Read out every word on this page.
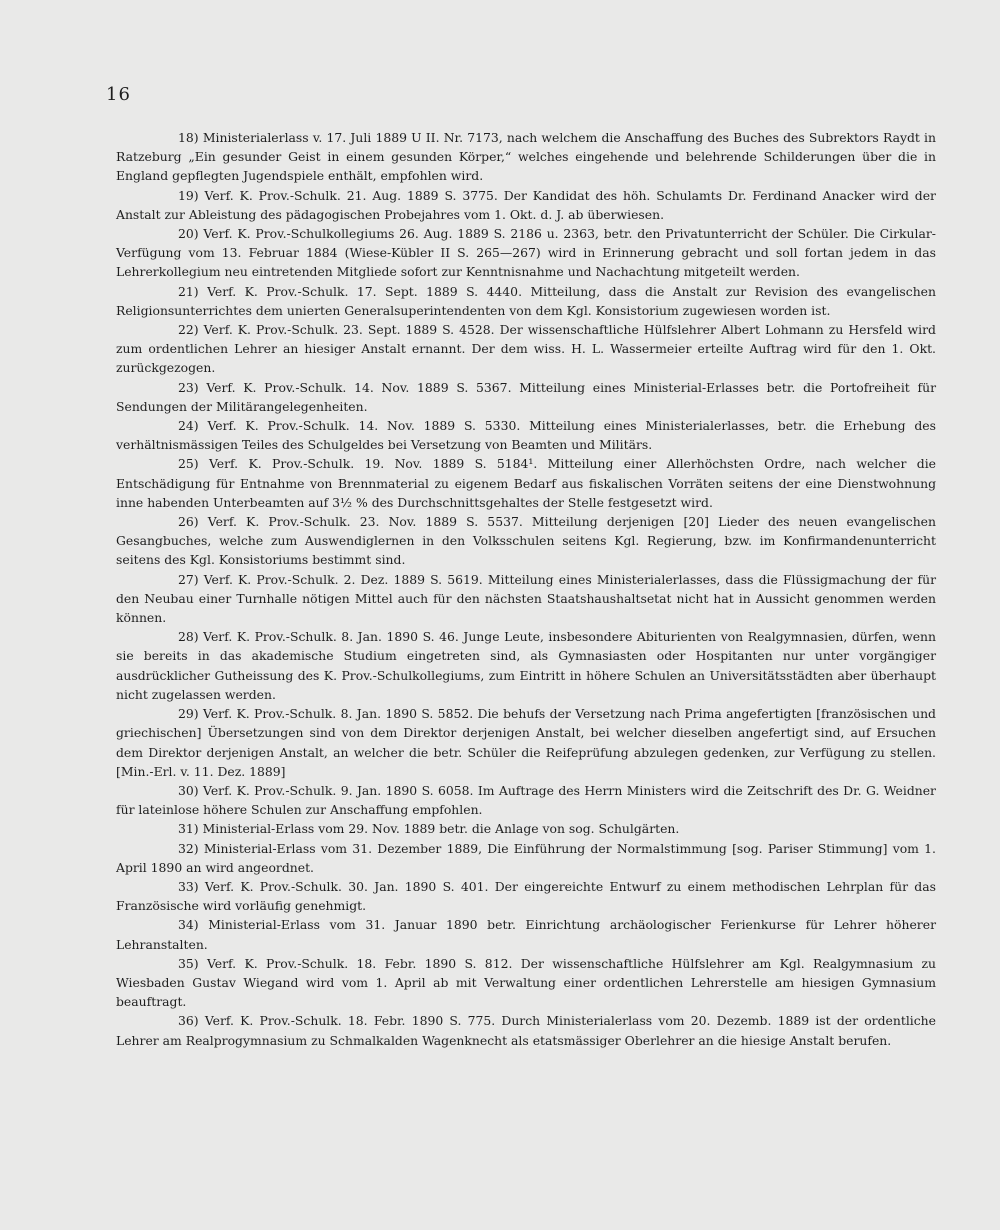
16

18) Ministerialerlass v. 17. Juli 1889 U II. Nr. 7173, nach welchem die Anschaffung des Buches des Subrektors Raydt in Ratzeburg „Ein gesunder Geist in einem gesunden Körper,“ welches eingehende und belehrende Schilderungen über die in England gepflegten Jugendspiele enthält, empfohlen wird.

19) Verf. K. Prov.-Schulk. 21. Aug. 1889 S. 3775. Der Kandidat des höh. Schulamts Dr. Ferdinand Anacker wird der Anstalt zur Ableistung des pädagogischen Probejahres vom 1. Okt. d. J. ab überwiesen.

20) Verf. K. Prov.-Schulkollegiums 26. Aug. 1889 S. 2186 u. 2363, betr. den Privatunterricht der Schüler. Die Cirkular-Verfügung vom 13. Februar 1884 (Wiese-Kübler II S. 265—267) wird in Erinnerung gebracht und soll fortan jedem in das Lehrerkollegium neu eintretenden Mitgliede sofort zur Kenntnisnahme und Nachachtung mitgeteilt werden.

21) Verf. K. Prov.-Schulk. 17. Sept. 1889 S. 4440. Mitteilung, dass die Anstalt zur Revision des evangelischen Religionsunterrichtes dem unierten Generalsuperintendenten von dem Kgl. Konsistorium zugewiesen worden ist.

22) Verf. K. Prov.-Schulk. 23. Sept. 1889 S. 4528. Der wissenschaftliche Hülfslehrer Albert Lohmann zu Hersfeld wird zum ordentlichen Lehrer an hiesiger Anstalt ernannt. Der dem wiss. H. L. Wassermeier erteilte Auftrag wird für den 1. Okt. zurückgezogen.

23) Verf. K. Prov.-Schulk. 14. Nov. 1889 S. 5367. Mitteilung eines Ministerial-Erlasses betr. die Portofreiheit für Sendungen der Militärangelegenheiten.

24) Verf. K. Prov.-Schulk. 14. Nov. 1889 S. 5330. Mitteilung eines Ministerialerlasses, betr. die Erhebung des verhältnismässigen Teiles des Schulgeldes bei Versetzung von Beamten und Militärs.

25) Verf. K. Prov.-Schulk. 19. Nov. 1889 S. 5184¹. Mitteilung einer Allerhöchsten Ordre, nach welcher die Entschädigung für Entnahme von Brennmaterial zu eigenem Bedarf aus fiskalischen Vorräten seitens der eine Dienstwohnung inne habenden Unterbeamten auf 3½ % des Durchschnittsgehaltes der Stelle festgesetzt wird.

26) Verf. K. Prov.-Schulk. 23. Nov. 1889 S. 5537. Mitteilung derjenigen [20] Lieder des neuen evangelischen Gesangbuches, welche zum Auswendiglernen in den Volksschulen seitens Kgl. Regierung, bzw. im Konfirmandenunterricht seitens des Kgl. Konsistoriums bestimmt sind.

27) Verf. K. Prov.-Schulk. 2. Dez. 1889 S. 5619. Mitteilung eines Ministerialerlasses, dass die Flüssigmachung der für den Neubau einer Turnhalle nötigen Mittel auch für den nächsten Staatshaushaltsetat nicht hat in Aussicht genommen werden können.

28) Verf. K. Prov.-Schulk. 8. Jan. 1890 S. 46. Junge Leute, insbesondere Abiturienten von Realgymnasien, dürfen, wenn sie bereits in das akademische Studium eingetreten sind, als Gymnasiasten oder Hospitanten nur unter vorgängiger ausdrücklicher Gutheissung des K. Prov.-Schulkollegiums, zum Eintritt in höhere Schulen an Universitätsstädten aber überhaupt nicht zugelassen werden.

29) Verf. K. Prov.-Schulk. 8. Jan. 1890 S. 5852. Die behufs der Versetzung nach Prima angefertigten [französischen und griechischen] Übersetzungen sind von dem Direktor derjenigen Anstalt, bei welcher dieselben angefertigt sind, auf Ersuchen dem Direktor derjenigen Anstalt, an welcher die betr. Schüler die Reifeprüfung abzulegen gedenken, zur Verfügung zu stellen. [Min.-Erl. v. 11. Dez. 1889]

30) Verf. K. Prov.-Schulk. 9. Jan. 1890 S. 6058. Im Auftrage des Herrn Ministers wird die Zeitschrift des Dr. G. Weidner für lateinlose höhere Schulen zur Anschaffung empfohlen.

31) Ministerial-Erlass vom 29. Nov. 1889 betr. die Anlage von sog. Schulgärten.

32) Ministerial-Erlass vom 31. Dezember 1889, Die Einführung der Normalstimmung [sog. Pariser Stimmung] vom 1. April 1890 an wird angeordnet.

33) Verf. K. Prov.-Schulk. 30. Jan. 1890 S. 401. Der eingereichte Entwurf zu einem methodischen Lehrplan für das Französische wird vorläufig genehmigt.

34) Ministerial-Erlass vom 31. Januar 1890 betr. Einrichtung archäologischer Ferienkurse für Lehrer höherer Lehranstalten.

35) Verf. K. Prov.-Schulk. 18. Febr. 1890 S. 812. Der wissenschaftliche Hülfslehrer am Kgl. Realgymnasium zu Wiesbaden Gustav Wiegand wird vom 1. April ab mit Verwaltung einer ordentlichen Lehrerstelle am hiesigen Gymnasium beauftragt.

36) Verf. K. Prov.-Schulk. 18. Febr. 1890 S. 775. Durch Ministerialerlass vom 20. Dezemb. 1889 ist der ordentliche Lehrer am Realprogymnasium zu Schmalkalden Wagenknecht als etatsmässiger Oberlehrer an die hiesige Anstalt berufen.
